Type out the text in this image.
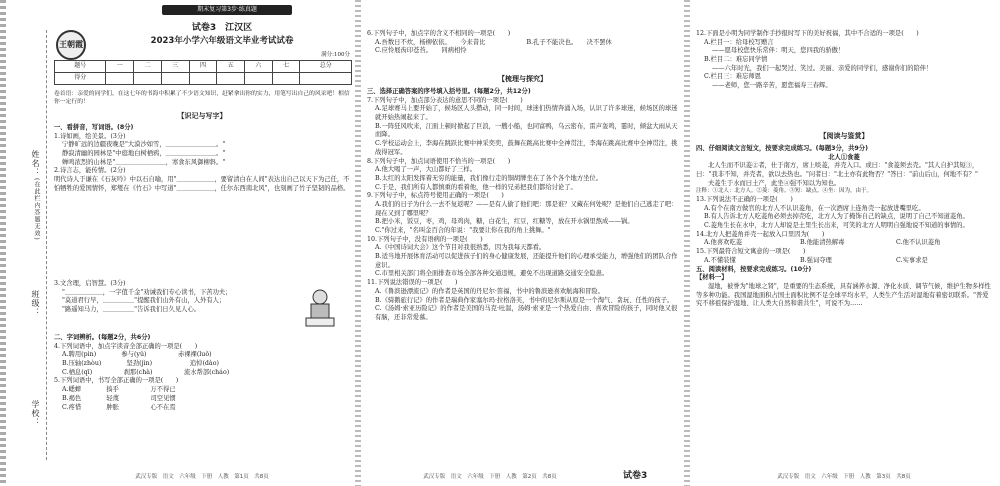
姓名：
(在此栏内答题无效)
班级：
学校：
王朝霞
期末复习第3步·练真题
试卷3　江汉区
2023年小学六年级语文毕业考试试卷
满分:100分
题号	一	二	三	四	五	六	七	总分
得分								
卷首语：亲爱的同学们，在这七年的书海中积累了不少语文知识，赶紧拿出你的实力，用笔写出自己的风采吧！相信你一定行的！
【识记与写字】
一、看拼音，写词语。(8分)
1.诗如画，绘美景。(3分)
宁静旷远的边疆夜晚是"大漠沙如雪，＿＿＿＿＿＿＿＿。"
静寂清幽的园林是"中庭地白树栖鸦，＿＿＿＿＿＿＿＿。"
蝉鸣浓烈的山林是"＿＿＿＿＿＿＿＿，寒食东风御柳斜。"
2.诗言志，能传情。(2分)
明代诗人于谦在《石灰吟》中以石自喻，用"＿＿＿＿＿＿，要留清白在人间"表达出自己以天下为己任，不怕牺牲的爱国情怀，郑燮在《竹石》中写道"＿＿＿＿＿＿，任尔东西南北风"，也刻画了竹子坚韧的品格。
3.文含理，启智慧。(3分)
"＿＿＿＿＿＿，一字值千金"劝诫我们专心读书，下苦功夫；
"莫道君行早，＿＿＿＿＿"提醒我们山外有山，人外有人；
"路遥知马力，＿＿＿＿＿"告诉我们日久见人心。
二、字词辨析。(每题2分，共6分)
4.下列词语中，加点字读音全部正确的一项是(　　)
A.聘用(pìn)　　　　参与(yǔ)　　　　　赤裸裸(luǒ)
B.压轴(zhòu)　　　　坚劲(jìn)　　　　　　追悼(dào)
C.栖息(qī)　　　　　刹那(chà)　　　　　流水帮部(cháo)
5.下列词语中，书写全部正确的一项是(　　)
A.蟋蟀　　　　揍乎　　　　　万不得已
B.褐色　　　　轻蔑　　　　　司空见惯
C.疼惜　　　　肿胀　　　　　心不在焉
武汉专版　语文　六年级　下册　人教　第1页　共8页
6.下列句子中，加点字的含义不相同的一项是(　　)
A.吾数日不炊，杨柳依依。　　今来昔比	B.孔子不能决也。　　决不罢休
C.应怜屐齿印苍苔。　　同病相怜
【梳理与探究】
三、选择正确答案的序号填入括号里。(每题2分，共12分)
7.下列句子中，加点部分表达的意思不同的一项是(　　)
A.足球赛马上要开始了，候场区人头攒动，同一时间，球迷们热情奔涌入场，认识了许多球迷，候场区的球迷就开始热闹起来了。
B.一阵狂风吹来，江面上顿时掀起了巨浪，一艘小船，也同富鸭，乌云密布，雷声轰鸣，霎时，倾盆大雨从天而降。
C.学校运动会上，李海在跳跃比赛中神采奕奕，鼓舞在跳高比赛中全神贯注，李海在跳高比赛中全神贯注，挑战得冠军。
8.下列句子中，加点词语使用不恰当的一项是(　　)
A.他大喝了一声，大山都好了三样。
B.太红的太阳发挥着无穷的能量，我们像行走的铜胡牌坐在了各个各个地方坐位。
C.于是，我们所有人都慎重的看着他，他一样的兄弟把我们都给讨论了。
9.下列句子中，标点符号使用正确的一项是(　　)
A.我们的日子为什么一去不复返呢？——是有人偷了他们吧：那是谁？又藏在何处呢？是他们自己逃走了吧：现在又到了哪里呢？
B.把小米，饭豆，枣，鸡，母鸡肉，糖，白花生，红豆，红糖等，放在开水锅里熬成——锅。
C."你过来，"名叫金百合的年说："我要让你在我的角上挑舞。"
10.下列句子中，没有语病的一项是(　　)
A.《中国诗词大会》这个节目对我很熟悉，因为我每天都看。
B.适当地开展体育活动可以促进孩子们的身心健康发展，还能提升他们的心理承受能力，增强他们的团队合作意识。
C.市里相关部门将全面排查市场全部各种交通违规，避免不出现道路交通安全隐患。
11.下列说法错误的一项是(　　)
A.《鲁滨逊漂流记》的作者是英国的丹尼尔·笛福，书中的鲁滨逊喜欢航海和冒险。
B.《骑鹅旅行记》的作者是瑞典作家塞尔玛·拉格洛芙，书中的尼尔斯从原是一个淘气、贪玩、任性的孩子。
C.《汤姆·索亚历险记》的作者是美国的马克·吐温，汤姆·索亚是一个热爱自由、喜欢冒险的孩子，同时他又很有脑，还非常爱慕。
武汉专版　语文　六年级　下册　人教　第2页　共8页	试卷3
12.下面是小明为同学制作手抄报时写下的美好祝福，其中不合适的一项是(　　)
A.栏目一：给母校写赠言
——愿母校您快乐常伴：明天，您四我的骄傲！
B.栏目二：难忘同学情
——六年时光，我们一起哭过、笑过。美丽、亲爱的同学们，感谢你们的陪伴！
C.栏目三：难忘师恩
——老师，您一路辛苦，愿您福寿三春辉。
【阅读与鉴赏】
四、仔细阅读文言短文，按要求完成练习。(每题3分，共9分)
北人①食菱
北人生而不识菱②者，仕于南方，席上啖菱，并壳入口。或曰："食菱须去壳。"其人自护其短③，曰："我非不知，并壳者，欲以去热也。"问者曰："北土亦有此物否？"答曰："前山后山，何地不有？"
夫菱生于水而曰土产，此坐④强不知以为知也。
注释：①北人：北方人。②菱：菱角。③短：缺点。④坐：因为，由于。
13.下列说法不正确的一项是(　　)
A.有个在南方做官的北方人不认识菱角，在一次酒席上连角壳一起放进嘴里吃。
B.有人告诉北方人吃菱角必须去掉壳吃，北方人为了掩饰自己的缺点，说明了自己不知道菱角。
C.菱角生长在水中，北方人却说是土里生长出来，可笑的北方人明明自强地说不知道的事情的。
14.北方人把菱角并壳一起放入口里因为(　　)
A.他喜欢吃菱	B.他能清热解毒	C.他不认识菱角
15.下列最符合短文寓意的一项是(　　)
A.不懂装懂	B.强词夺理	C.实事求是
五、阅读材料，按要求完成练习。(10分)
【材料一】
湿地，被誉为"地球之肾"，是重要的生态系统，具有涵养水源、净化水质、调节气候，维护生物多样性等多种功能。我国湿地面积占国土面积比例不足全球平均水平，人类生产生活对湿地有着密切联系。"普爱究不移祖保护湿地、让人类大自然和谐共生"，可说不为……
武汉专版　语文　六年级　下册　人教　第3页　共8页
